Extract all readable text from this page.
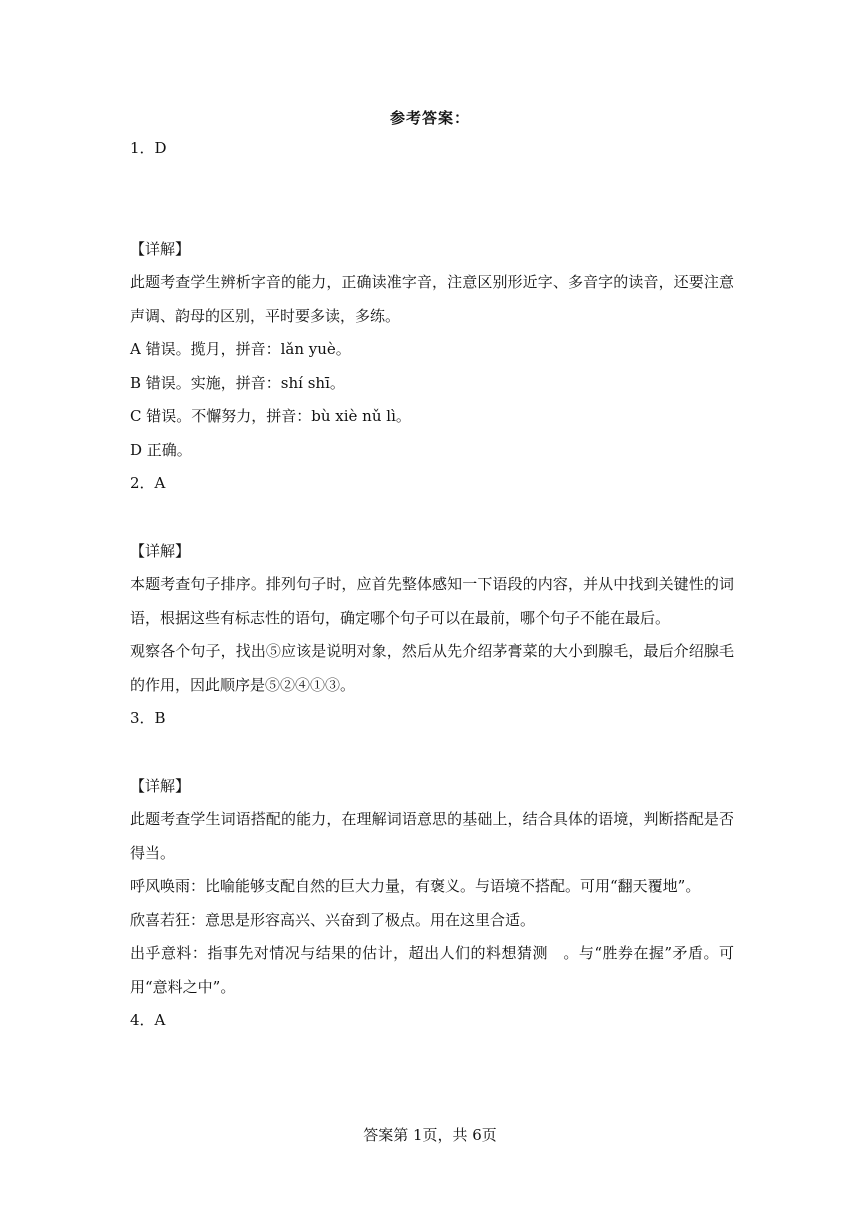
参考答案：

1．D

【详解】

此题考查学生辨析字音的能力，正确读准字音，注意区别形近字、多音字的读音，还要注意声调、韵母的区别，平时要多读，多练。

A 错误。揽月，拼音：lǎn yuè。

B 错误。实施，拼音：shí shī。

C 错误。不懈努力，拼音：bù xiè nǔ lì。

D 正确。

2．A

【详解】

本题考查句子排序。排列句子时，应首先整体感知一下语段的内容，并从中找到关键性的词语，根据这些有标志性的语句，确定哪个句子可以在最前，哪个句子不能在最后。

观察各个句子，找出⑤应该是说明对象，然后从先介绍茅膏菜的大小到腺毛，最后介绍腺毛的作用，因此顺序是⑤②④①③。

3．B

【详解】

此题考查学生词语搭配的能力，在理解词语意思的基础上，结合具体的语境，判断搭配是否得当。

呼风唤雨：比喻能够支配自然的巨大力量，有褒义。与语境不搭配。可用“翻天覆地”。

欣喜若狂：意思是形容高兴、兴奋到了极点。用在这里合适。

出乎意料：指事先对情况与结果的估计，超出人们的料想猜测　。与“胜券在握”矛盾。可用“意料之中”。

4．A

答案第 1页，共 6页
